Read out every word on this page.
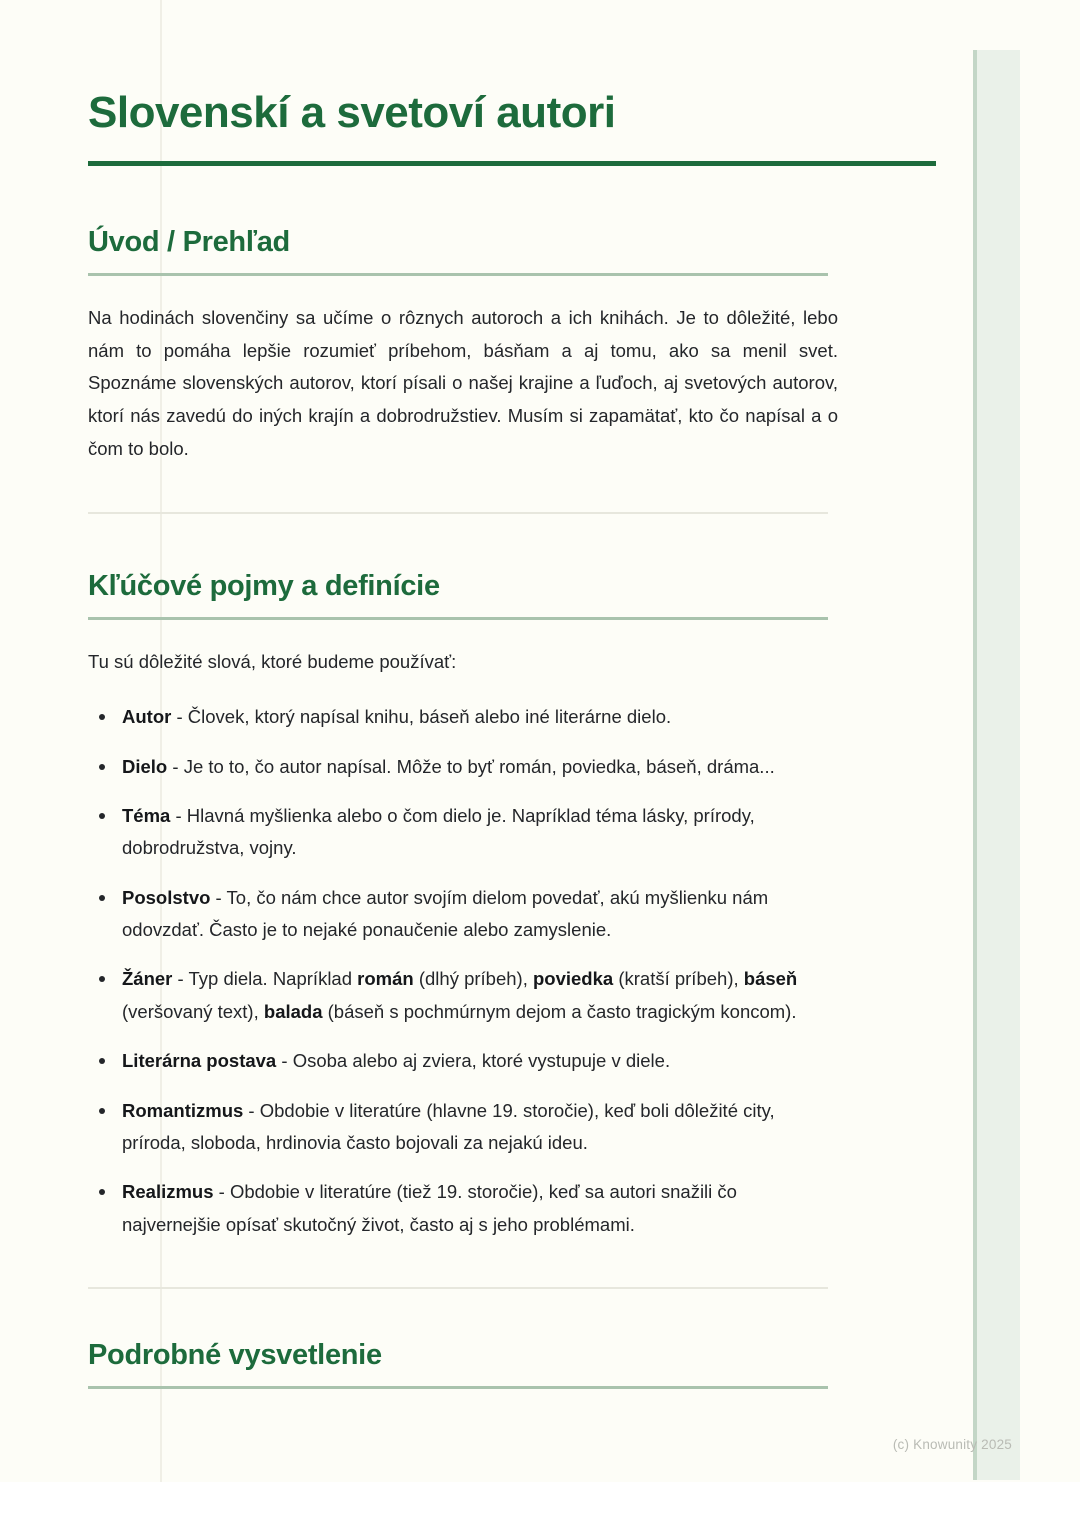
Slovenskí a svetoví autori
Úvod / Prehľad

Na hodinách slovenčiny sa učíme o rôznych autoroch a ich knihách. Je to dôležité, lebo nám to pomáha lepšie rozumieť príbehom, básňam a aj tomu, ako sa menil svet. Spoznáme slovenských autorov, ktorí písali o našej krajine a ľuďoch, aj svetových autorov, ktorí nás zavedú do iných krajín a dobrodružstiev. Musím si zapamätať, kto čo napísal a o čom to bolo.

Kľúčové pojmy a definície

Tu sú dôležité slová, ktoré budeme používať:

Autor - Človek, ktorý napísal knihu, báseň alebo iné literárne dielo.
Dielo - Je to to, čo autor napísal. Môže to byť román, poviedka, báseň, dráma...
Téma - Hlavná myšlienka alebo o čom dielo je. Napríklad téma lásky, prírody, dobrodružstva, vojny.
Posolstvo - To, čo nám chce autor svojím dielom povedať, akú myšlienku nám odovzdať. Často je to nejaké ponaučenie alebo zamyslenie.
Žáner - Typ diela. Napríklad román (dlhý príbeh), poviedka (kratší príbeh), báseň (veršovaný text), balada (báseň s pochmúrnym dejom a často tragickým koncom).
Literárna postava - Osoba alebo aj zviera, ktoré vystupuje v diele.
Romantizmus - Obdobie v literatúre (hlavne 19. storočie), keď boli dôležité city, príroda, sloboda, hrdinovia často bojovali za nejakú ideu.
Realizmus - Obdobie v literatúre (tiež 19. storočie), keď sa autori snažili čo najvernejšie opísať skutočný život, často aj s jeho problémami.
Podrobné vysvetlenie
(c) Knowunity 2025
